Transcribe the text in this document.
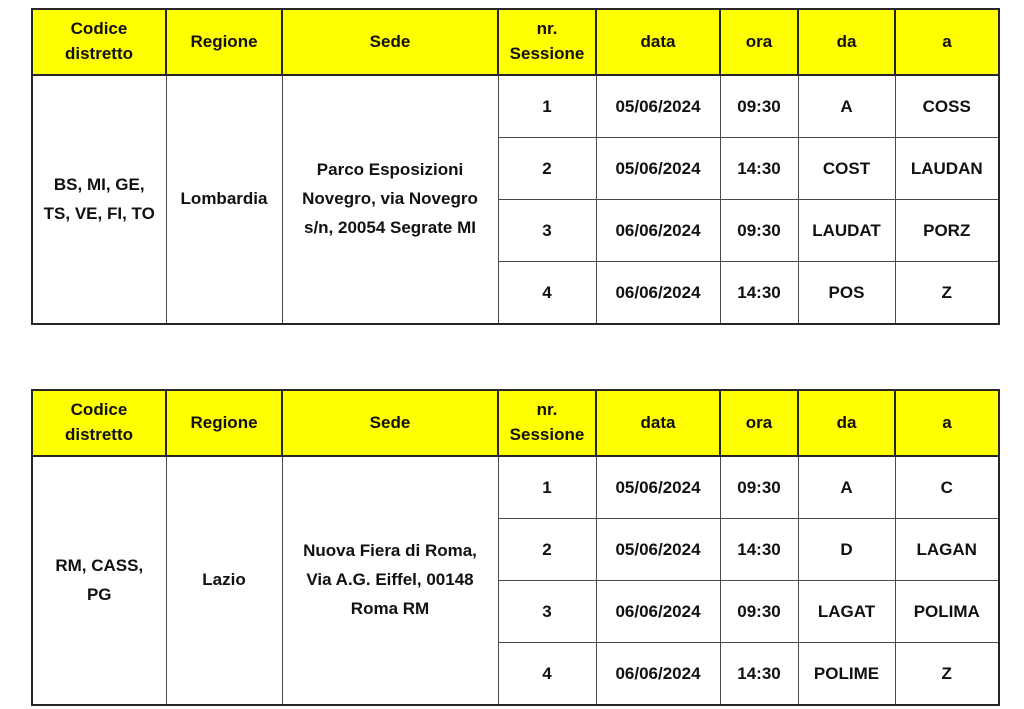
Codice distretto	Regione	Sede	nr. Sessione	data	ora	da	a
BS, MI, GE, TS, VE, FI, TO	Lombardia	Parco Esposizioni Novegro, via Novegro s/n, 20054 Segrate MI	1	05/06/2024	09:30	A	COSS
			2	05/06/2024	14:30	COST	LAUDAN
			3	06/06/2024	09:30	LAUDAT	PORZ
			4	06/06/2024	14:30	POS	Z
Codice distretto	Regione	Sede	nr. Sessione	data	ora	da	a
RM, CASS, PG	Lazio	Nuova Fiera di Roma, Via A.G. Eiffel, 00148 Roma RM	1	05/06/2024	09:30	A	C
			2	05/06/2024	14:30	D	LAGAN
			3	06/06/2024	09:30	LAGAT	POLIMA
			4	06/06/2024	14:30	POLIME	Z
